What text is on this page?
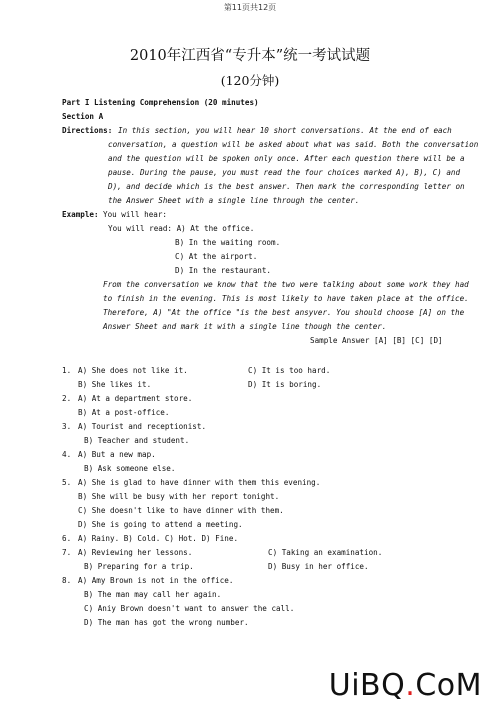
第11页共12页
2010年江西省“专升本”统一考试试题
(120分钟)
Part I Listening Comprehension (20 minutes)
Section A
Directions: In this section, you will hear 10 short conversations. At the end of each
conversation, a question will be asked about what was said. Both the conversation
and the question will be spoken only once. After each question there will be a
pause. During the pause, you must read the four choices marked A), B), C) and
D), and decide which is the best answer. Then mark the corresponding letter on
the Answer Sheet with a single line through the center.
Example: You will hear:
You will read: A) At the office.
B) In the waiting room.
C) At the airport.
D) In the restaurant.
From the conversation we know that the two were talking about some work they had
to finish in the evening. This is most likely to have taken place at the office.
Therefore, A) "At the office "is the best ansyver. You should choose [A] on the
Answer Sheet and mark it with a single line though the center.
Sample Answer [A] [B] [C] [D]
1. A) She does not like it.	C) It is too hard.
B) She likes it.	D) It is boring.
2. A) At a department store.
B) At a post-office.
3. A) Tourist and receptionist.
B) Teacher and student.
4. A) But a new map.
B) Ask someone else.
5. A) She is glad to have dinner with them this evening.
B) She will be busy with her report tonight.
C) She doesn't like to have dinner with them.
D) She is going to attend a meeting.
6. A) Rainy. B) Cold. C) Hot. D) Fine.
7. A) Reviewing her lessons.	C) Taking an examination.
B) Preparing for a trip.	D) Busy in her office.
8. A) Amy Brown is not in the office.
B) The man may call her again.
C) Aniy Brown doesn't want to answer the call.
D) The man has got the wrong number.
UiBQ.CoM
